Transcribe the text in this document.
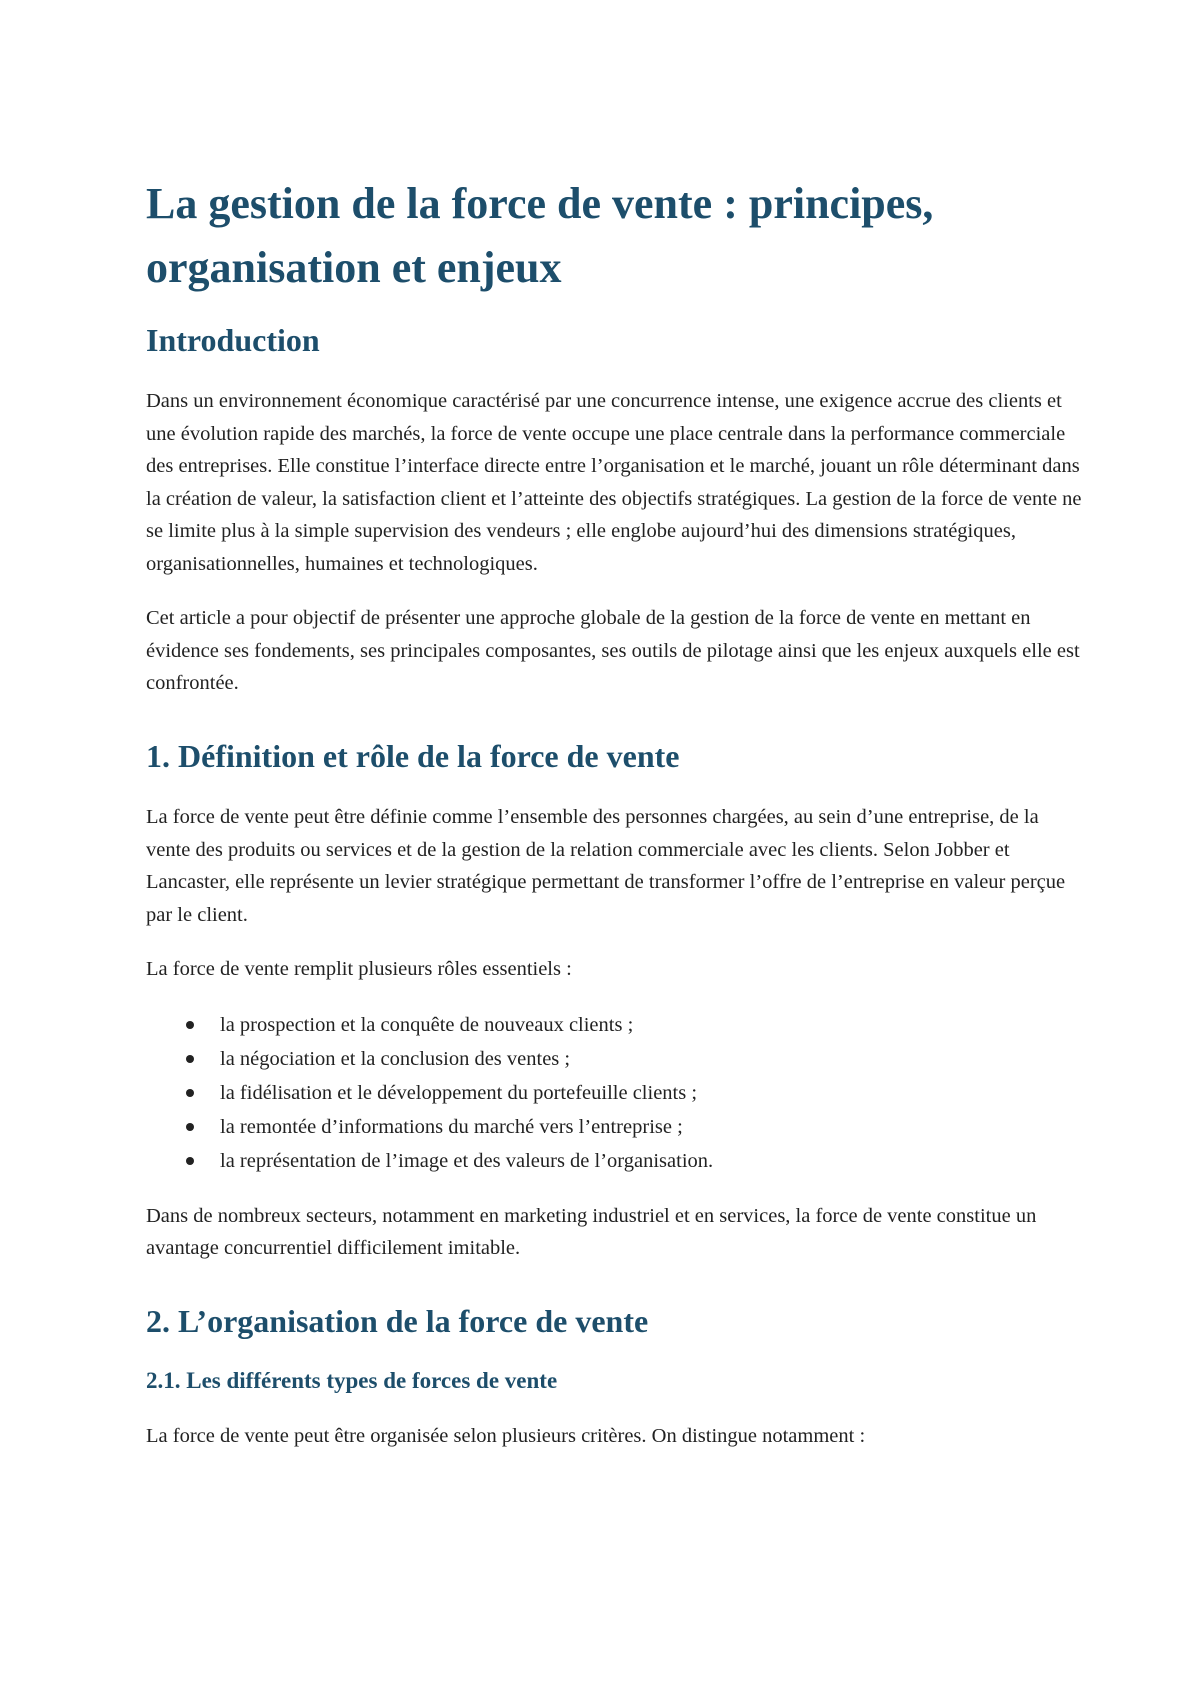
La gestion de la force de vente : principes, organisation et enjeux
Introduction

Dans un environnement économique caractérisé par une concurrence intense, une exigence accrue des clients et une évolution rapide des marchés, la force de vente occupe une place centrale dans la performance commerciale des entreprises. Elle constitue l’interface directe entre l’organisation et le marché, jouant un rôle déterminant dans la création de valeur, la satisfaction client et l’atteinte des objectifs stratégiques. La gestion de la force de vente ne se limite plus à la simple supervision des vendeurs ; elle englobe aujourd’hui des dimensions stratégiques, organisationnelles, humaines et technologiques.

Cet article a pour objectif de présenter une approche globale de la gestion de la force de vente en mettant en évidence ses fondements, ses principales composantes, ses outils de pilotage ainsi que les enjeux auxquels elle est confrontée.

1. Définition et rôle de la force de vente

La force de vente peut être définie comme l’ensemble des personnes chargées, au sein d’une entreprise, de la vente des produits ou services et de la gestion de la relation commerciale avec les clients. Selon Jobber et Lancaster, elle représente un levier stratégique permettant de transformer l’offre de l’entreprise en valeur perçue par le client.

La force de vente remplit plusieurs rôles essentiels :

la prospection et la conquête de nouveaux clients ;
la négociation et la conclusion des ventes ;
la fidélisation et le développement du portefeuille clients ;
la remontée d’informations du marché vers l’entreprise ;
la représentation de l’image et des valeurs de l’organisation.

Dans de nombreux secteurs, notamment en marketing industriel et en services, la force de vente constitue un avantage concurrentiel difficilement imitable.

2. L’organisation de la force de vente
2.1. Les différents types de forces de vente

La force de vente peut être organisée selon plusieurs critères. On distingue notamment :
